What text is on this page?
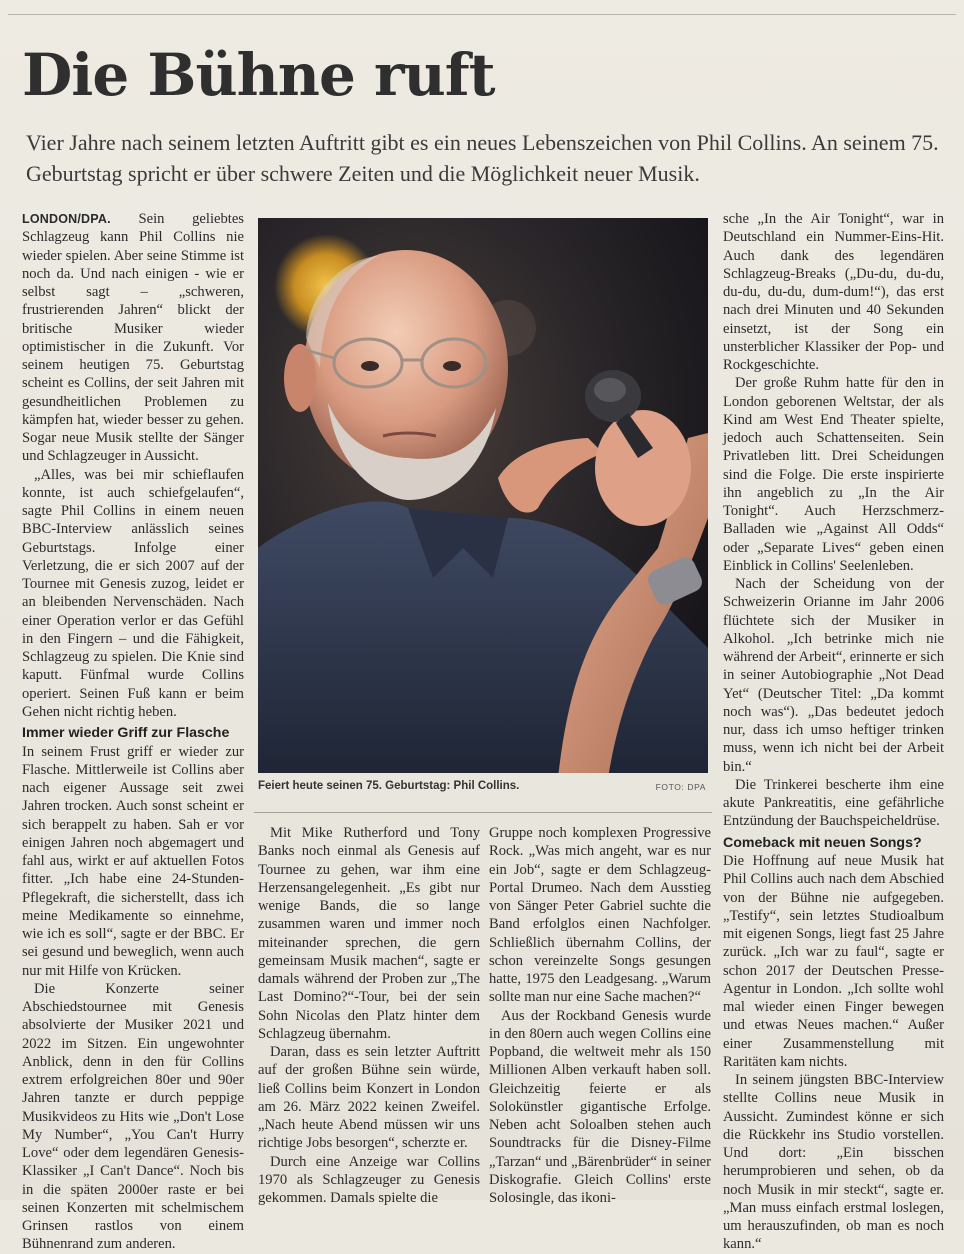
Die Bühne ruft

Vier Jahre nach seinem letzten Auftritt gibt es ein neues Lebenszeichen von Phil Collins. An seinem 75. Geburtstag spricht er über schwere Zeiten und die Möglichkeit neuer Musik.

LONDON/DPA. Sein geliebtes Schlagzeug kann Phil Collins nie wieder spielen. Aber seine Stimme ist noch da. Und nach einigen - wie er selbst sagt – „schweren, frustrierenden Jahren“ blickt der britische Musiker wieder optimistischer in die Zukunft. Vor seinem heutigen 75. Geburtstag scheint es Collins, der seit Jahren mit gesundheitlichen Problemen zu kämpfen hat, wieder besser zu gehen. Sogar neue Musik stellte der Sänger und Schlagzeuger in Aussicht.

„Alles, was bei mir schieflaufen konnte, ist auch schiefgelaufen“, sagte Phil Collins in einem neuen BBC-Interview anlässlich seines Geburtstags. Infolge einer Verletzung, die er sich 2007 auf der Tournee mit Genesis zuzog, leidet er an bleibenden Nervenschäden. Nach einer Operation verlor er das Gefühl in den Fingern – und die Fähigkeit, Schlagzeug zu spielen. Die Knie sind kaputt. Fünfmal wurde Collins operiert. Seinen Fuß kann er beim Gehen nicht richtig heben.

Immer wieder Griff zur Flasche

In seinem Frust griff er wieder zur Flasche. Mittlerweile ist Collins aber nach eigener Aussage seit zwei Jahren trocken. Auch sonst scheint er sich berappelt zu haben. Sah er vor einigen Jahren noch abgemagert und fahl aus, wirkt er auf aktuellen Fotos fitter. „Ich habe eine 24-Stunden-Pflegekraft, die sicherstellt, dass ich meine Medikamente so einnehme, wie ich es soll“, sagte er der BBC. Er sei gesund und beweglich, wenn auch nur mit Hilfe von Krücken.

Die Konzerte seiner Abschiedstournee mit Genesis absolvierte der Musiker 2021 und 2022 im Sitzen. Ein ungewohnter Anblick, denn in den für Collins extrem erfolgreichen 80er und 90er Jahren tanzte er durch peppige Musikvideos zu Hits wie „Don't Lose My Number“, „You Can't Hurry Love“ oder dem legendären Genesis-Klassiker „I Can't Dance“. Noch bis in die späten 2000er raste er bei seinen Konzerten mit schelmischem Grinsen rastlos von einem Bühnenrand zum anderen.

Feiert heute seinen 75. Geburtstag: Phil Collins.	FOTO: DPA

Mit Mike Rutherford und Tony Banks noch einmal als Genesis auf Tournee zu gehen, war ihm eine Herzensangelegenheit. „Es gibt nur wenige Bands, die so lange zusammen waren und immer noch miteinander sprechen, die gern gemeinsam Musik machen“, sagte er damals während der Proben zur „The Last Domino?“-Tour, bei der sein Sohn Nicolas den Platz hinter dem Schlagzeug übernahm.

Daran, dass es sein letzter Auftritt auf der großen Bühne sein würde, ließ Collins beim Konzert in London am 26. März 2022 keinen Zweifel. „Nach heute Abend müssen wir uns richtige Jobs besorgen“, scherzte er.

Durch eine Anzeige war Collins 1970 als Schlagzeuger zu Genesis gekommen. Damals spielte die

Gruppe noch komplexen Progressive Rock. „Was mich angeht, war es nur ein Job“, sagte er dem Schlagzeug-Portal Drumeo. Nach dem Ausstieg von Sänger Peter Gabriel suchte die Band erfolglos einen Nachfolger. Schließlich übernahm Collins, der schon vereinzelte Songs gesungen hatte, 1975 den Leadgesang. „Warum sollte man nur eine Sache machen?“

Aus der Rockband Genesis wurde in den 80ern auch wegen Collins eine Popband, die weltweit mehr als 150 Millionen Alben verkauft haben soll. Gleichzeitig feierte er als Solokünstler gigantische Erfolge. Neben acht Soloalben stehen auch Soundtracks für die Disney-Filme „Tarzan“ und „Bärenbrüder“ in seiner Diskografie. Gleich Collins' erste Solosingle, das ikoni-

sche „In the Air Tonight“, war in Deutschland ein Nummer-Eins-Hit. Auch dank des legendären Schlagzeug-Breaks („Du-du, du-du, du-du, du-du, dum-dum!“), das erst nach drei Minuten und 40 Sekunden einsetzt, ist der Song ein unsterblicher Klassiker der Pop- und Rockgeschichte.

Der große Ruhm hatte für den in London geborenen Weltstar, der als Kind am West End Theater spielte, jedoch auch Schattenseiten. Sein Privatleben litt. Drei Scheidungen sind die Folge. Die erste inspirierte ihn angeblich zu „In the Air Tonight“. Auch Herzschmerz-Balladen wie „Against All Odds“ oder „Separate Lives“ geben einen Einblick in Collins' Seelenleben.

Nach der Scheidung von der Schweizerin Orianne im Jahr 2006 flüchtete sich der Musiker in Alkohol. „Ich betrinke mich nie während der Arbeit“, erinnerte er sich in seiner Autobiographie „Not Dead Yet“ (Deutscher Titel: „Da kommt noch was“). „Das bedeutet jedoch nur, dass ich umso heftiger trinken muss, wenn ich nicht bei der Arbeit bin.“

Die Trinkerei bescherte ihm eine akute Pankreatitis, eine gefährliche Entzündung der Bauchspeicheldrüse.

Comeback mit neuen Songs?

Die Hoffnung auf neue Musik hat Phil Collins auch nach dem Abschied von der Bühne nie aufgegeben. „Testify“, sein letztes Studioalbum mit eigenen Songs, liegt fast 25 Jahre zurück. „Ich war zu faul“, sagte er schon 2017 der Deutschen Presse-Agentur in London. „Ich sollte wohl mal wieder einen Finger bewegen und etwas Neues machen.“ Außer einer Zusammenstellung mit Raritäten kam nichts.

In seinem jüngsten BBC-Interview stellte Collins neue Musik in Aussicht. Zumindest könne er sich die Rückkehr ins Studio vorstellen. Und dort: „Ein bisschen herumprobieren und sehen, ob da noch Musik in mir steckt“, sagte er. „Man muss einfach erstmal loslegen, um herauszufinden, ob man es noch kann.“
